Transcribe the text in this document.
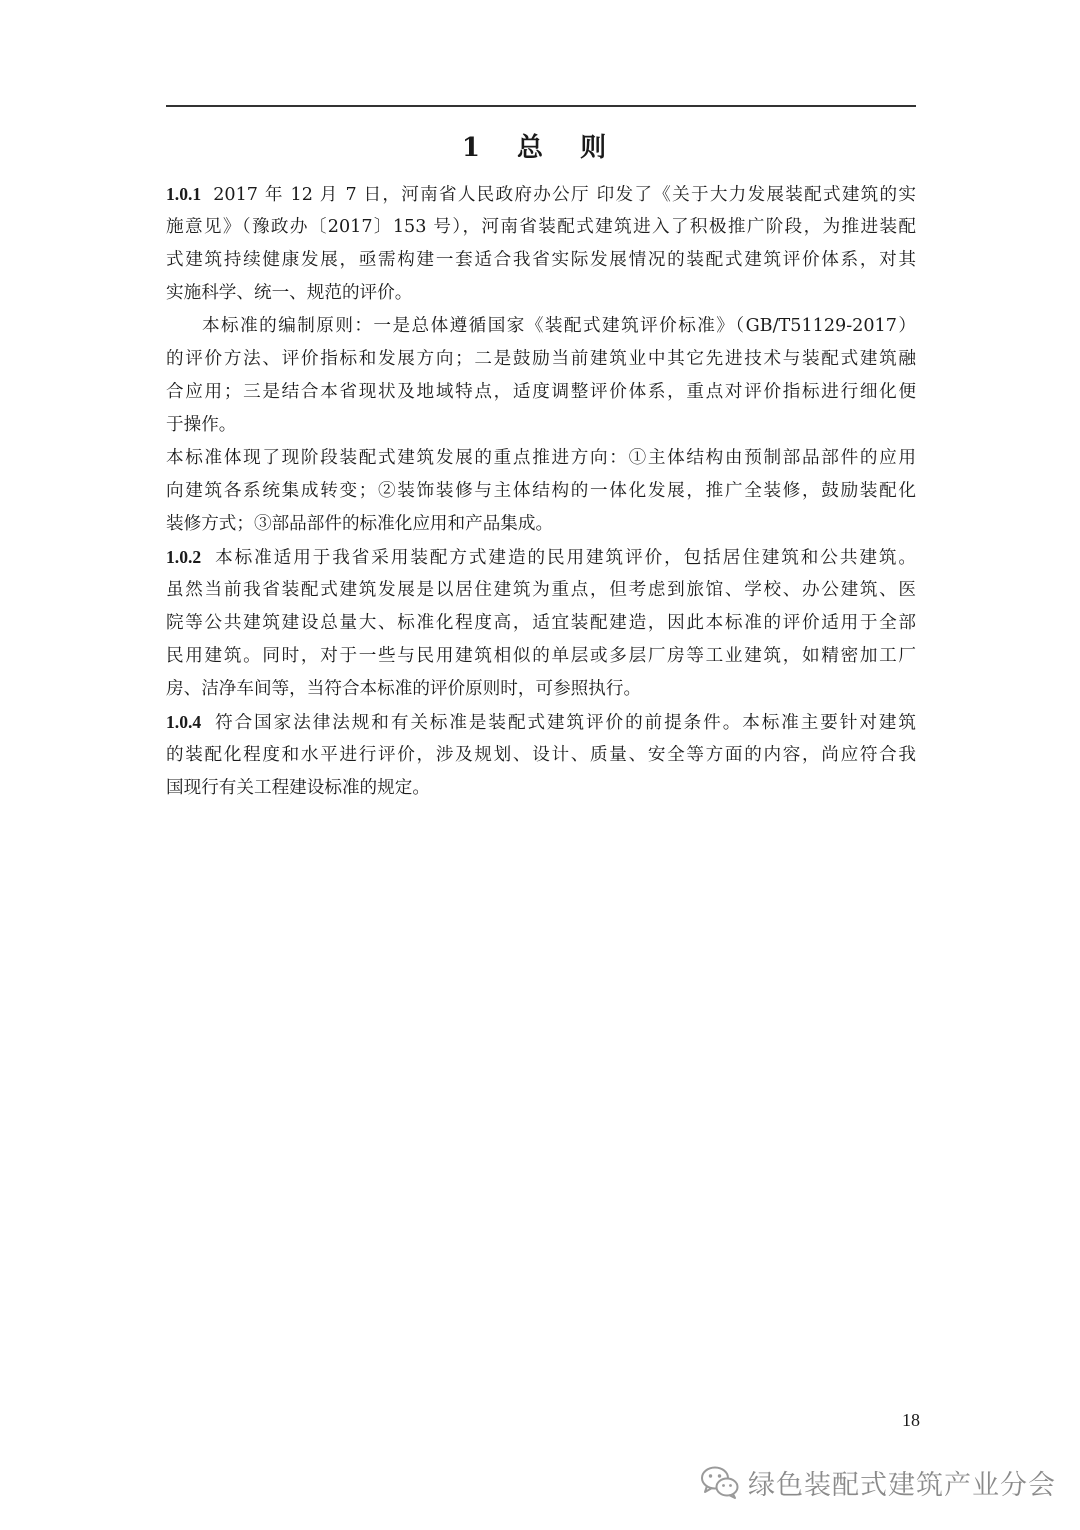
1 总 则
1.0.1 2017 年 12 月 7 日，河南省人民政府办公厅 印发了《关于大力发展装配式建筑的实
施意见》（豫政办〔2017〕153 号），河南省装配式建筑进入了积极推广阶段，为推进装配
式建筑持续健康发展，亟需构建一套适合我省实际发展情况的装配式建筑评价体系，对其
实施科学、统一、规范的评价。
本标准的编制原则：一是总体遵循国家《装配式建筑评价标准》（GB/T51129-2017）
的评价方法、评价指标和发展方向；二是鼓励当前建筑业中其它先进技术与装配式建筑融
合应用；三是结合本省现状及地域特点，适度调整评价体系，重点对评价指标进行细化便
于操作。
本标准体现了现阶段装配式建筑发展的重点推进方向：①主体结构由预制部品部件的应用
向建筑各系统集成转变；②装饰装修与主体结构的一体化发展，推广全装修，鼓励装配化
装修方式；③部品部件的标准化应用和产品集成。
1.0.2 本标准适用于我省采用装配方式建造的民用建筑评价，包括居住建筑和公共建筑。
虽然当前我省装配式建筑发展是以居住建筑为重点，但考虑到旅馆、学校、办公建筑、医
院等公共建筑建设总量大、标准化程度高，适宜装配建造，因此本标准的评价适用于全部
民用建筑。同时，对于一些与民用建筑相似的单层或多层厂房等工业建筑，如精密加工厂
房、洁净车间等，当符合本标准的评价原则时，可参照执行。
1.0.4 符合国家法律法规和有关标准是装配式建筑评价的前提条件。本标准主要针对建筑
的装配化程度和水平进行评价，涉及规划、设计、质量、安全等方面的内容，尚应符合我
国现行有关工程建设标准的规定。
18
绿色装配式建筑产业分会
